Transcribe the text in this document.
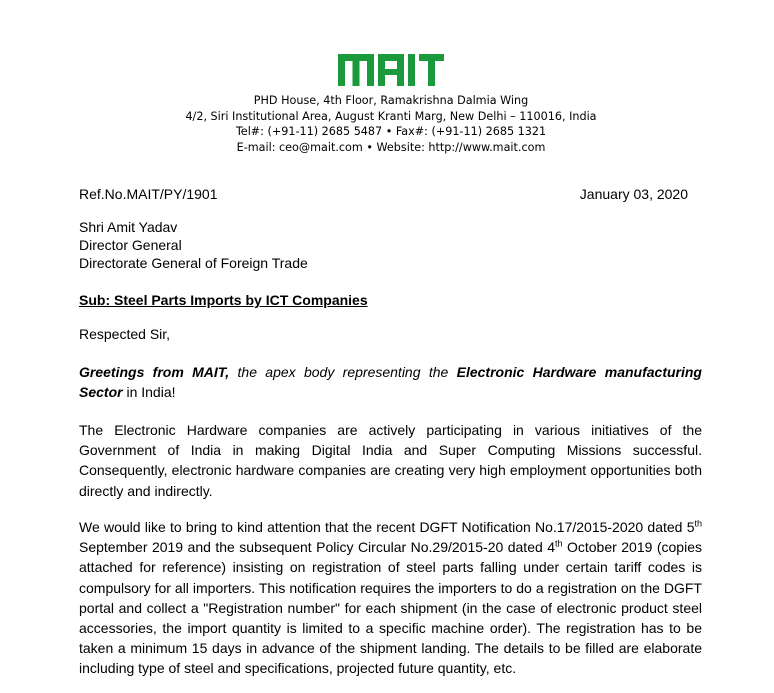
PHD House, 4th Floor, Ramakrishna Dalmia Wing
4/2, Siri Institutional Area, August Kranti Marg, New Delhi – 110016, India
Tel#: (+91-11) 2685 5487 • Fax#: (+91-11) 2685 1321
E-mail: ceo@mait.com • Website: http://www.mait.com
Ref.No.MAIT/PY/1901	January 03, 2020
Shri Amit Yadav
Director General
Directorate General of Foreign Trade
Sub: Steel Parts Imports by ICT Companies
Respected Sir,
Greetings from MAIT, the apex body representing the Electronic Hardware manufacturing Sector in India!
The Electronic Hardware companies are actively participating in various initiatives of the Government of India in making Digital India and Super Computing Missions successful. Consequently, electronic hardware companies are creating very high employment opportunities both directly and indirectly.
We would like to bring to kind attention that the recent DGFT Notification No.17/2015-2020 dated 5th September 2019 and the subsequent Policy Circular No.29/2015-20 dated 4th October 2019 (copies attached for reference) insisting on registration of steel parts falling under certain tariff codes is compulsory for all importers. This notification requires the importers to do a registration on the DGFT portal and collect a "Registration number" for each shipment (in the case of electronic product steel accessories, the import quantity is limited to a specific machine order). The registration has to be taken a minimum 15 days in advance of the shipment landing. The details to be filled are elaborate including type of steel and specifications, projected future quantity, etc.
